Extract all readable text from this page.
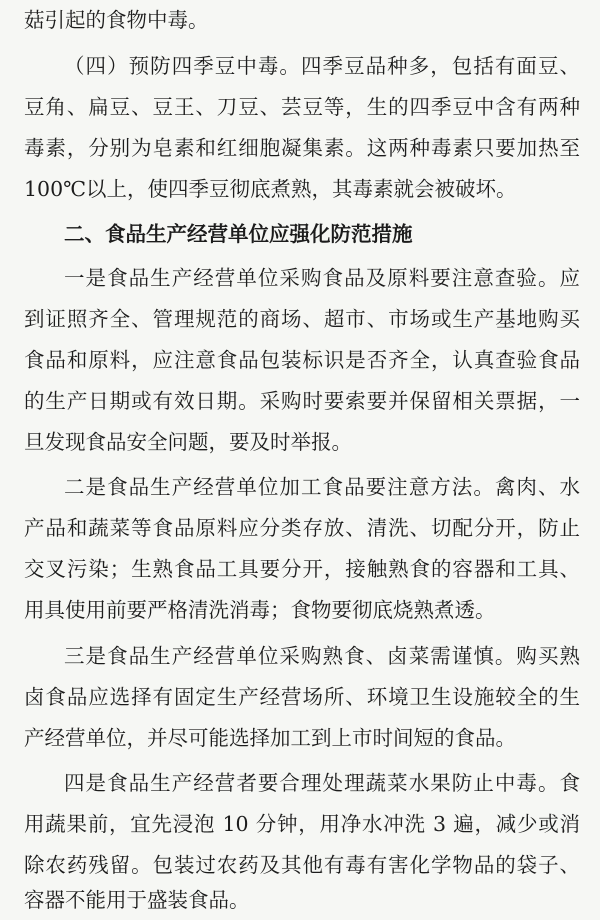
菇引起的食物中毒。
（四）预防四季豆中毒。四季豆品种多，包括有面豆、
豆角、扁豆、豆王、刀豆、芸豆等，生的四季豆中含有两种
毒素，分别为皂素和红细胞凝集素。这两种毒素只要加热至
100℃以上，使四季豆彻底煮熟，其毒素就会被破坏。
二、食品生产经营单位应强化防范措施
一是食品生产经营单位采购食品及原料要注意查验。应
到证照齐全、管理规范的商场、超市、市场或生产基地购买
食品和原料，应注意食品包装标识是否齐全，认真查验食品
的生产日期或有效日期。采购时要索要并保留相关票据，一
旦发现食品安全问题，要及时举报。
二是食品生产经营单位加工食品要注意方法。禽肉、水
产品和蔬菜等食品原料应分类存放、清洗、切配分开，防止
交叉污染；生熟食品工具要分开，接触熟食的容器和工具、
用具使用前要严格清洗消毒；食物要彻底烧熟煮透。
三是食品生产经营单位采购熟食、卤菜需谨慎。购买熟
卤食品应选择有固定生产经营场所、环境卫生设施较全的生
产经营单位，并尽可能选择加工到上市时间短的食品。
四是食品生产经营者要合理处理蔬菜水果防止中毒。食
用蔬果前，宜先浸泡 10 分钟，用净水冲洗 3 遍，减少或消
除农药残留。包装过农药及其他有毒有害化学物品的袋子、
容器不能用于盛装食品。
